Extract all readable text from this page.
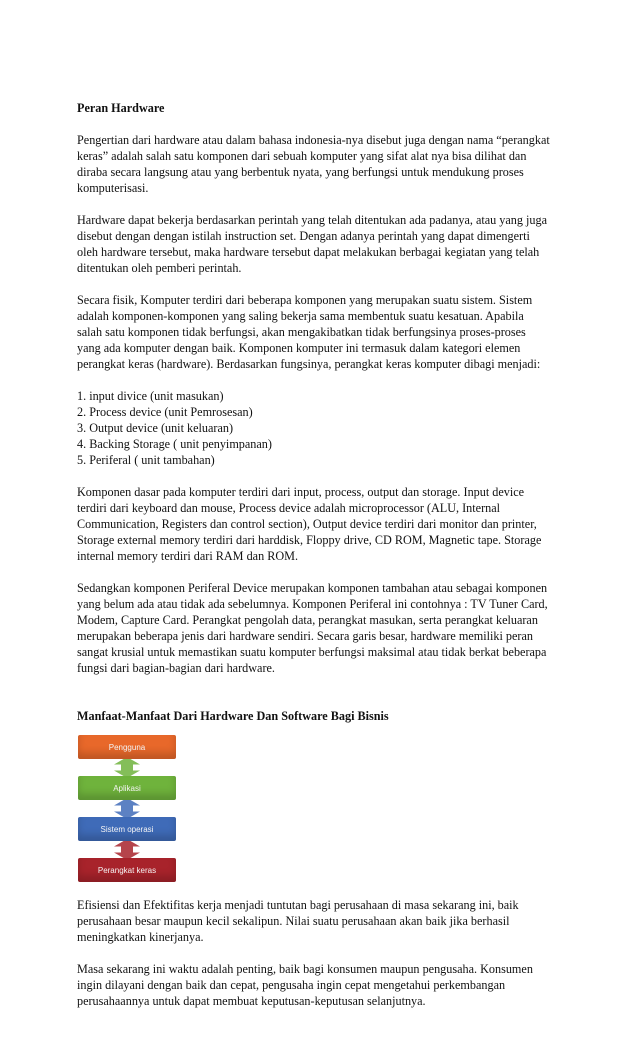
Peran Hardware

Pengertian dari hardware atau dalam bahasa indonesia-nya disebut juga dengan nama “perangkat
keras” adalah salah satu komponen dari sebuah komputer yang sifat alat nya bisa dilihat dan
diraba secara langsung atau yang berbentuk nyata, yang berfungsi untuk mendukung proses
komputerisasi.

Hardware dapat bekerja berdasarkan perintah yang telah ditentukan ada padanya, atau yang juga
disebut dengan dengan istilah instruction set. Dengan adanya perintah yang dapat dimengerti
oleh hardware tersebut, maka hardware tersebut dapat melakukan berbagai kegiatan yang telah
ditentukan oleh pemberi perintah.

Secara fisik, Komputer terdiri dari beberapa komponen yang merupakan suatu sistem. Sistem
adalah komponen-komponen yang saling bekerja sama membentuk suatu kesatuan. Apabila
salah satu komponen tidak berfungsi, akan mengakibatkan tidak berfungsinya proses-proses
yang ada komputer dengan baik. Komponen komputer ini termasuk dalam kategori elemen
perangkat keras (hardware). Berdasarkan fungsinya, perangkat keras komputer dibagi menjadi:

1. input divice (unit masukan)
2. Process device (unit Pemrosesan)
3. Output device (unit keluaran)
4. Backing Storage ( unit penyimpanan)
5. Periferal ( unit tambahan)

Komponen dasar pada komputer terdiri dari input, process, output dan storage. Input device
terdiri dari keyboard dan mouse, Process device adalah microprocessor (ALU, Internal
Communication, Registers dan control section), Output device terdiri dari monitor dan printer,
Storage external memory terdiri dari harddisk, Floppy drive, CD ROM, Magnetic tape. Storage
internal memory terdiri dari RAM dan ROM.

Sedangkan komponen Periferal Device merupakan komponen tambahan atau sebagai komponen
yang belum ada atau tidak ada sebelumnya. Komponen Periferal ini contohnya : TV Tuner Card,
Modem, Capture Card. Perangkat pengolah data, perangkat masukan, serta perangkat keluaran
merupakan beberapa jenis dari hardware sendiri. Secara garis besar, hardware memiliki peran
sangat krusial untuk memastikan suatu komputer berfungsi maksimal atau tidak berkat beberapa
fungsi dari bagian-bagian dari hardware.

Manfaat-Manfaat Dari Hardware Dan Software Bagi Bisnis
Pengguna
Aplikasi
Sistem operasi
Perangkat keras

Efisiensi dan Efektifitas kerja menjadi tuntutan bagi perusahaan di masa sekarang ini, baik
perusahaan besar maupun kecil sekalipun. Nilai suatu perusahaan akan baik jika berhasil
meningkatkan kinerjanya.

Masa sekarang ini waktu adalah penting, baik bagi konsumen maupun pengusaha. Konsumen
ingin dilayani dengan baik dan cepat, pengusaha ingin cepat mengetahui perkembangan
perusahaannya untuk dapat membuat keputusan-keputusan selanjutnya.
